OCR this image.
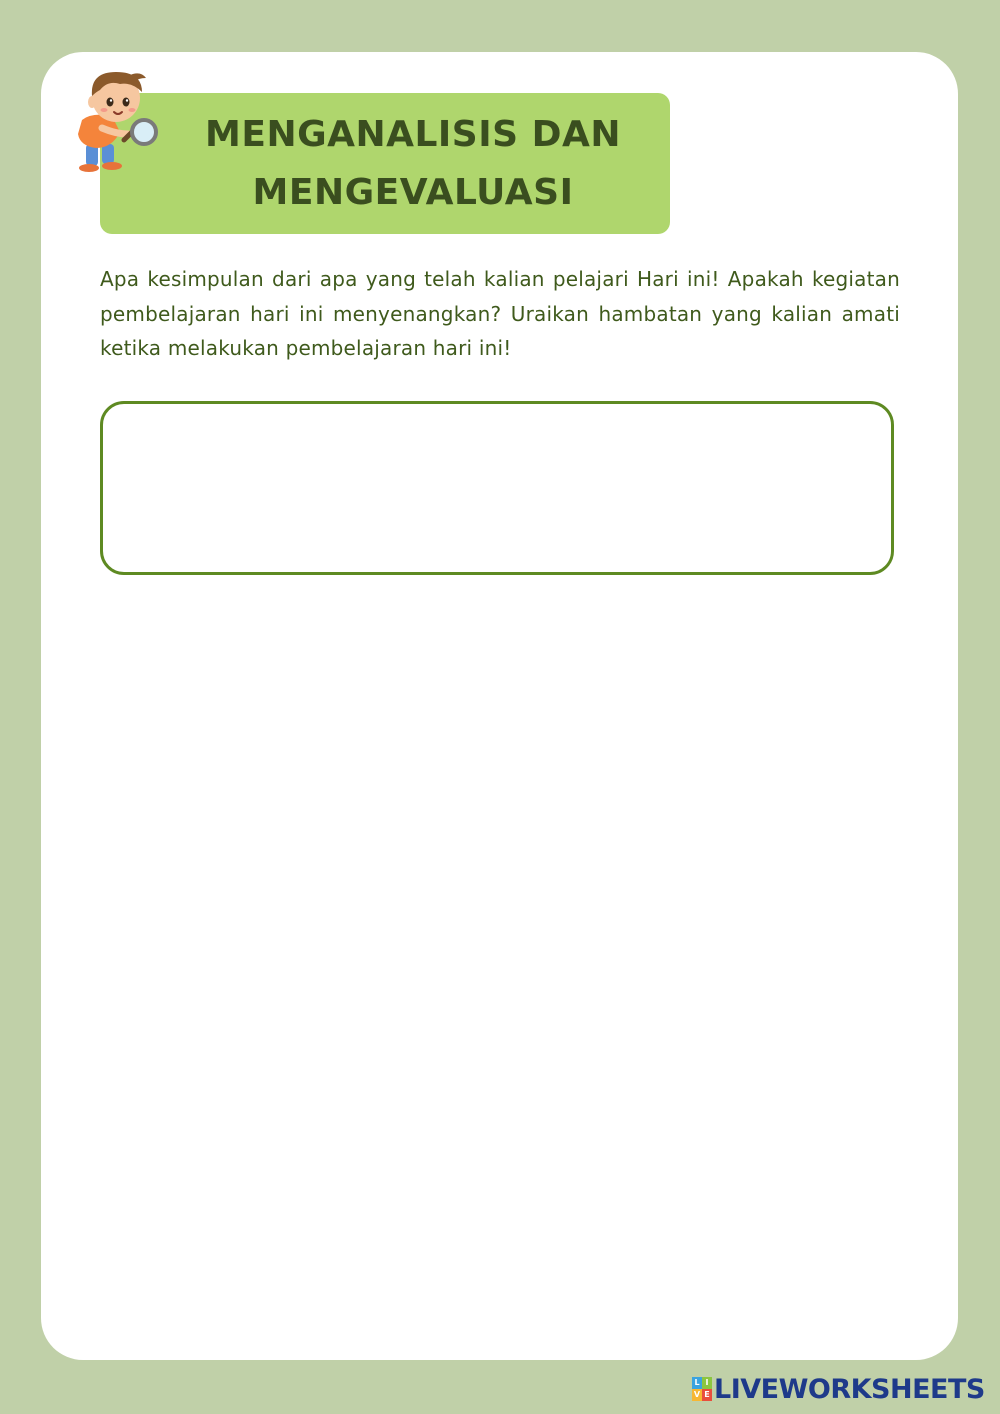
MENGANALISIS DAN
MENGEVALUASI
Apa kesimpulan dari apa yang telah kalian pelajari Hari ini! Apakah kegiatan pembelajaran hari ini menyenangkan? Uraikan hambatan yang kalian amati ketika melakukan pembelajaran hari ini!
L I
V E LIVEWORKSHEETS
